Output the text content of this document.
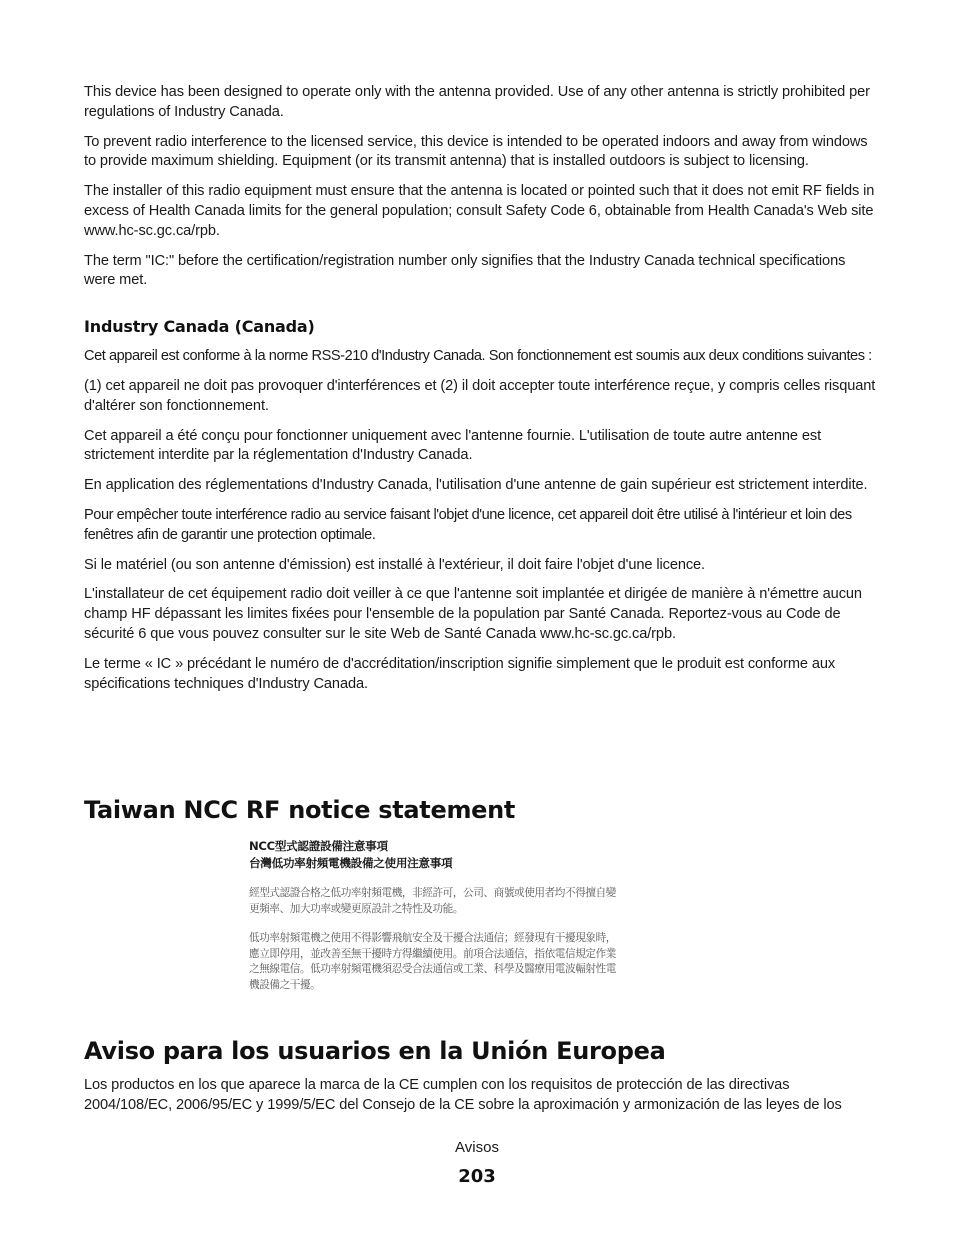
This device has been designed to operate only with the antenna provided. Use of any other antenna is strictly prohibited per regulations of Industry Canada.

To prevent radio interference to the licensed service, this device is intended to be operated indoors and away from windows to provide maximum shielding. Equipment (or its transmit antenna) that is installed outdoors is subject to licensing.

The installer of this radio equipment must ensure that the antenna is located or pointed such that it does not emit RF fields in excess of Health Canada limits for the general population; consult Safety Code 6, obtainable from Health Canada's Web site www.hc-sc.gc.ca/rpb.

The term "IC:" before the certification/registration number only signifies that the Industry Canada technical specifications were met.

Industry Canada (Canada)

Cet appareil est conforme à la norme RSS-210 d'Industry Canada. Son fonctionnement est soumis aux deux conditions suivantes :

(1) cet appareil ne doit pas provoquer d'interférences et (2) il doit accepter toute interférence reçue, y compris celles risquant d'altérer son fonctionnement.

Cet appareil a été conçu pour fonctionner uniquement avec l'antenne fournie. L'utilisation de toute autre antenne est strictement interdite par la réglementation d'Industry Canada.

En application des réglementations d'Industry Canada, l'utilisation d'une antenne de gain supérieur est strictement interdite.

Pour empêcher toute interférence radio au service faisant l'objet d'une licence, cet appareil doit être utilisé à l'intérieur et loin des fenêtres afin de garantir une protection optimale.

Si le matériel (ou son antenne d'émission) est installé à l'extérieur, il doit faire l'objet d'une licence.

L'installateur de cet équipement radio doit veiller à ce que l'antenne soit implantée et dirigée de manière à n'émettre aucun champ HF dépassant les limites fixées pour l'ensemble de la population par Santé Canada. Reportez-vous au Code de sécurité 6 que vous pouvez consulter sur le site Web de Santé Canada www.hc-sc.gc.ca/rpb.

Le terme « IC » précédant le numéro de d'accréditation/inscription signifie simplement que le produit est conforme aux spécifications techniques d'Industry Canada.

Taiwan NCC RF notice statement
NCC型式認證設備注意事項
台灣低功率射頻電機設備之使用注意事項
經型式認證合格之低功率射頻電機，非經許可，公司、商號或使用者均不得擅自變
更頻率、加大功率或變更原設計之特性及功能。
低功率射頻電機之使用不得影響飛航安全及干擾合法通信；經發現有干擾現象時，
應立即停用，並改善至無干擾時方得繼續使用。前項合法通信，指依電信規定作業
之無線電信。低功率射頻電機須忍受合法通信或工業、科學及醫療用電波輻射性電
機設備之干擾。
Aviso para los usuarios en la Unión Europea

Los productos en los que aparece la marca de la CE cumplen con los requisitos de protección de las directivas 2004/108/EC, 2006/95/EC y 1999/5/EC del Consejo de la CE sobre la aproximación y armonización de las leyes de los

Avisos
203
